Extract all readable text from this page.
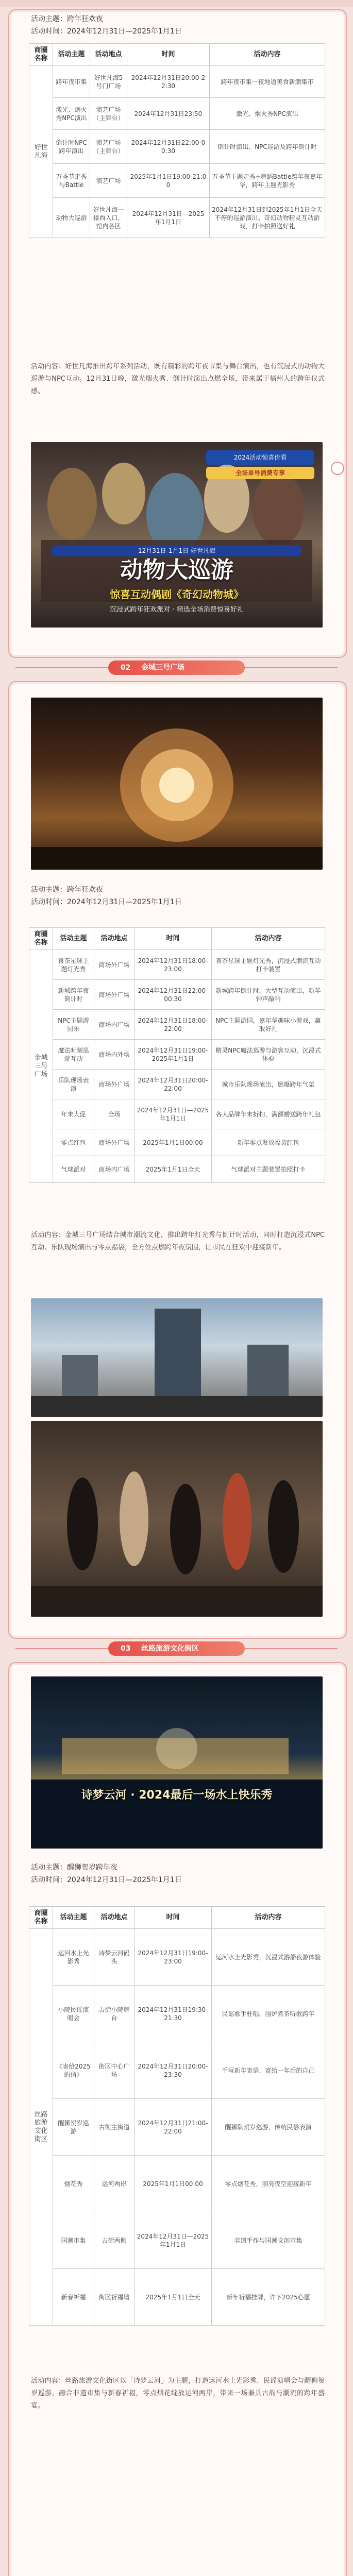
活动主题：跨年狂欢夜
活动时间：2024年12月31日—2025年1月1日
商圈名称	活动主题	活动地点	时间	活动内容
好世凡海	跨年夜市集	好世凡海5号门广场	2024年12月31日20:00-22:30	跨年夜市集一夜地道美食新潮集市
	激光、烟火秀NPC演出	演艺广场（主舞台）	2024年12月31日23:50	激光、烟火秀NPC演出
	倒计时NPC跨年演出	演艺广场（主舞台）	2024年12月31日22:00-00:30	倒计时演出、NPC巡游及跨年倒计时
	万圣节走秀与Battle	演艺广场	2025年1月1日19:00-21:00	万圣节主题走秀+舞蹈Battle跨年夜嘉年华，跨年主题光影秀
	动物大巡游	好世凡海一楼西入口，馆内各区	2024年12月31日—2025年1月1日	2024年12月31日到2025年1月1日全天不停的巡游演出、奇幻动物精灵互动游戏，打卡拍照送好礼
活动内容：好世凡海推出跨年系列活动，既有精彩的跨年夜市集与舞台演出，也有沉浸式的动物大巡游与NPC互动。12月31日晚，激光烟火秀、倒计时演出点燃全场，带来属于福州人的跨年仪式感。
2024活动惊喜价看
全场单号消费专享
12月31日-1月1日 好世凡海
动物大巡游
惊喜互动偶剧《奇幻动物城》
沉浸式跨年狂欢派对 · 精选全场消费惊喜好礼
02 金城三号广场
活动主题：跨年狂欢夜
活动时间：2024年12月31日—2025年1月1日
商圈名称	活动主题	活动地点	时间	活动内容
金城三号广场	喜茶星球主题灯光秀	商场外广场	2024年12月31日18:00-23:00	喜茶星球主题灯光秀，沉浸式潮流互动打卡装置
	新城跨年夜倒计时	商场外广场	2024年12月31日22:00-00:30	新城跨年倒计时，大型互动演出，新年钟声敲响
	NPC主题游园乐	商场内广场	2024年12月31日18:00-22:00	NPC主题游园，嘉年华趣味小游戏，赢取好礼
	魔法时刻巡游互动	商场内外场	2024年12月31日19:00-2025年1月1日	精灵NPC魔法巡游与游客互动，沉浸式体验
	乐队现场表演	商场外广场	2024年12月31日20:00-22:00	城市乐队现场演出，燃爆跨年气氛
	年末大促	全场	2024年12月31日—2025年1月1日	各大品牌年末折扣，满额赠送跨年礼包
	零点红包	商场外广场	2025年1月1日00:00	新年零点发放福袋红包
	气球派对	商场内广场	2025年1月1日全天	气球派对主题装置拍照打卡
活动内容：金城三号广场结合城市潮流文化，推出跨年灯光秀与倒计时活动，同时打造沉浸式NPC互动、乐队现场演出与零点福袋，全方位点燃跨年夜氛围，让市民在狂欢中迎接新年。
03 丝路旅游文化街区
诗梦云河 · 2024最后一场水上快乐秀
活动主题：醒狮贺岁跨年夜
活动时间：2024年12月31日—2025年1月1日
商圈名称	活动主题	活动地点	时间	活动内容
丝路旅游文化街区	运河水上光影秀	诗梦云河码头	2024年12月31日19:00-23:00	运河水上光影秀，沉浸式游船夜游体验
	小院民谣演唱会	古街小院舞台	2024年12月31日19:30-21:30	民谣歌手驻唱，围炉煮茶听歌跨年
	《寄给2025的信》	街区中心广场	2024年12月31日20:00-23:30	手写新年寄语，寄给一年后的自己
	醒狮贺岁巡游	古街主街道	2024年12月31日21:00-22:00	醒狮队贺岁巡游，传统民俗表演
	烟花秀	运河两岸	2025年1月1日00:00	零点烟花秀，照亮夜空迎接新年
	国潮市集	古街两侧	2024年12月31日—2025年1月1日	非遗手作与国潮文创市集
	新春祈福	街区祈福墙	2025年1月1日全天	新年祈福挂牌，许下2025心愿
活动内容：丝路旅游文化街区以「诗梦云河」为主题，打造运河水上光影秀、民谣演唱会与醒狮贺岁巡游，融合非遗市集与新春祈福，零点烟花绽放运河两岸，带来一场兼具古韵与潮流的跨年盛宴。
